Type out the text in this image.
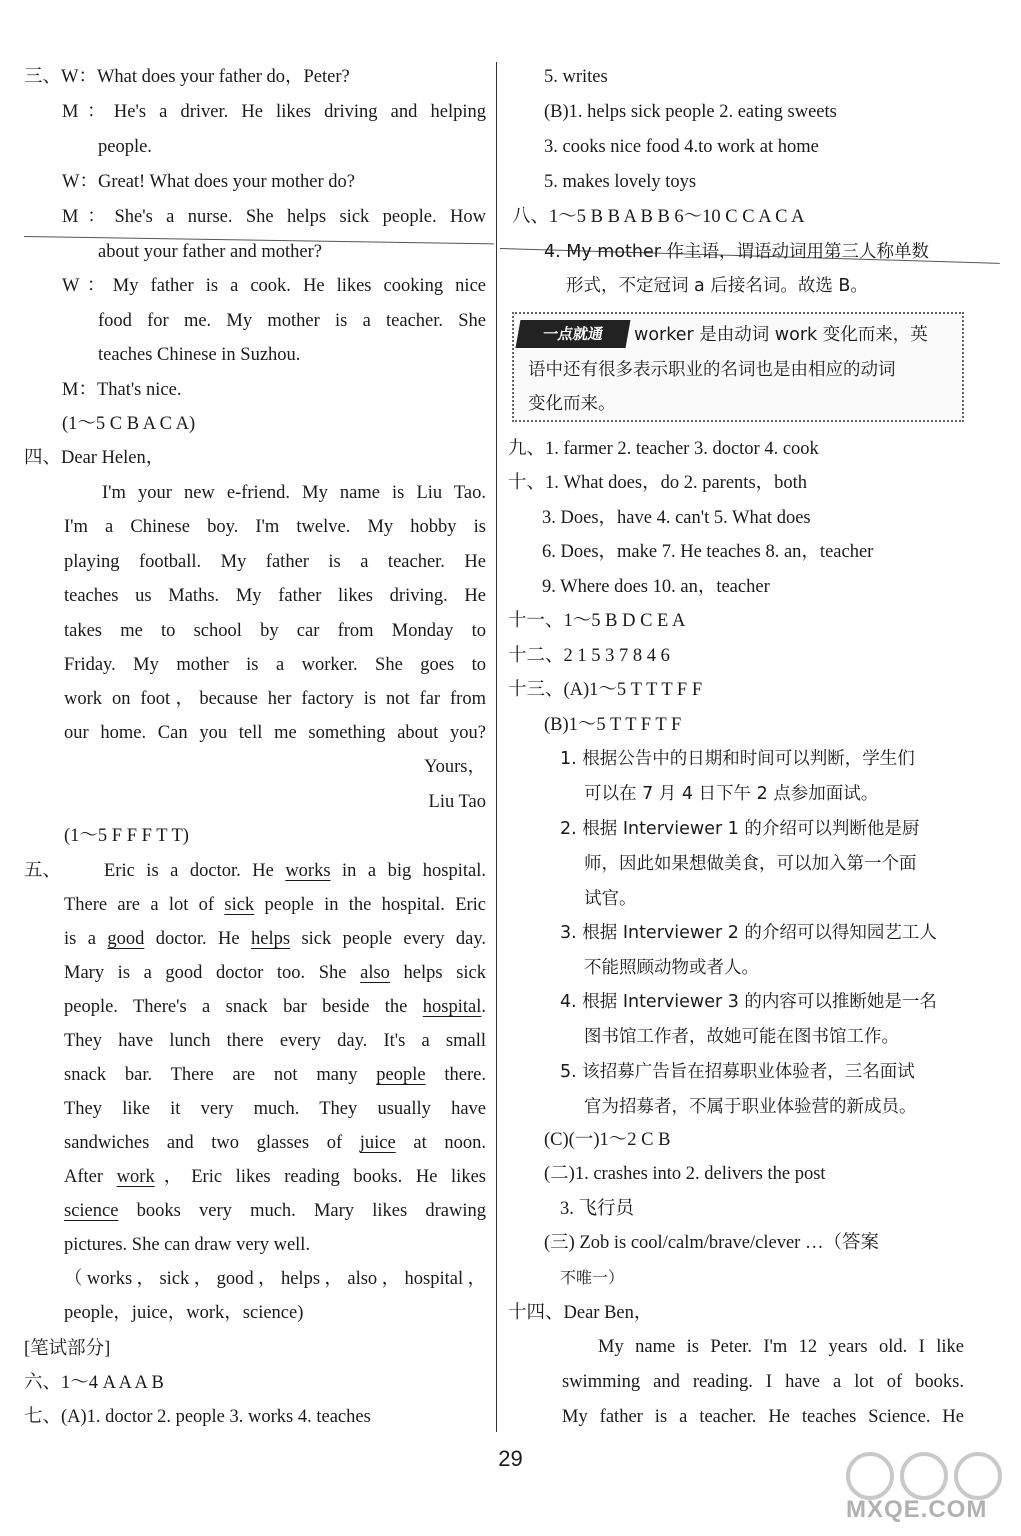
三、W：What does your father do，Peter?
M：He's a driver. He likes driving and helping
people.
W：Great! What does your mother do?
M：She's a nurse. She helps sick people. How
about your father and mother?
W：My father is a cook. He likes cooking nice
food for me. My mother is a teacher. She
teaches Chinese in Suzhou.
M：That's nice.
(1～5 C B A C A)
四、Dear Helen，
I'm your new e-friend. My name is Liu Tao.
I'm a Chinese boy. I'm twelve. My hobby is
playing football. My father is a teacher. He
teaches us Maths. My father likes driving. He
takes me to school by car from Monday to
Friday. My mother is a worker. She goes to
work on foot，because her factory is not far from
our home. Can you tell me something about you?
Yours，
Liu Tao
(1～5 F F F T T)
五、 Eric is a doctor. He works in a big hospital.
There are a lot of sick people in the hospital. Eric
is a good doctor. He helps sick people every day.
Mary is a good doctor too. She also helps sick
people. There's a snack bar beside the hospital.
They have lunch there every day. It's a small
snack bar. There are not many people there.
They like it very much. They usually have
sandwiches and two glasses of juice at noon.
After work，Eric likes reading books. He likes
science books very much. Mary likes drawing
pictures. She can draw very well.
（works，sick，good，helps，also，hospital，
people，juice，work，science)
[笔试部分]
六、1～4 A A A B
七、(A)1. doctor 2. people 3. works 4. teaches
5. writes
(B)1. helps sick people 2. eating sweets
3. cooks nice food 4.to work at home
5. makes lovely toys
八、1～5 B B A B B 6～10 C C A C A
4. My mother 作主语，谓语动词用第三人称单数
形式，不定冠词 a 后接名词。故选 B。
一点就通	worker 是由动词 work 变化而来，英
语中还有很多表示职业的名词也是由相应的动词
变化而来。
九、1. farmer 2. teacher 3. doctor 4. cook
十、1. What does，do 2. parents，both
3. Does，have 4. can't 5. What does
6. Does，make 7. He teaches 8. an，teacher
9. Where does 10. an，teacher
十一、1～5 B D C E A
十二、2 1 5 3 7 8 4 6
十三、(A)1～5 T T T F F
(B)1～5 T T F T F
1. 根据公告中的日期和时间可以判断，学生们
可以在 7 月 4 日下午 2 点参加面试。
2. 根据 Interviewer 1 的介绍可以判断他是厨
师，因此如果想做美食，可以加入第一个面
试官。
3. 根据 Interviewer 2 的介绍可以得知园艺工人
不能照顾动物或者人。
4. 根据 Interviewer 3 的内容可以推断她是一名
图书馆工作者，故她可能在图书馆工作。
5. 该招募广告旨在招募职业体验者，三名面试
官为招募者，不属于职业体验营的新成员。
(C)(一)1～2 C B
(二)1. crashes into 2. delivers the post
3. 飞行员
(三) Zob is cool/calm/brave/clever …（答案
不唯一）
十四、Dear Ben，
My name is Peter. I'm 12 years old. I like
swimming and reading. I have a lot of books.
My father is a teacher. He teaches Science. He
29
MXQE.COM
